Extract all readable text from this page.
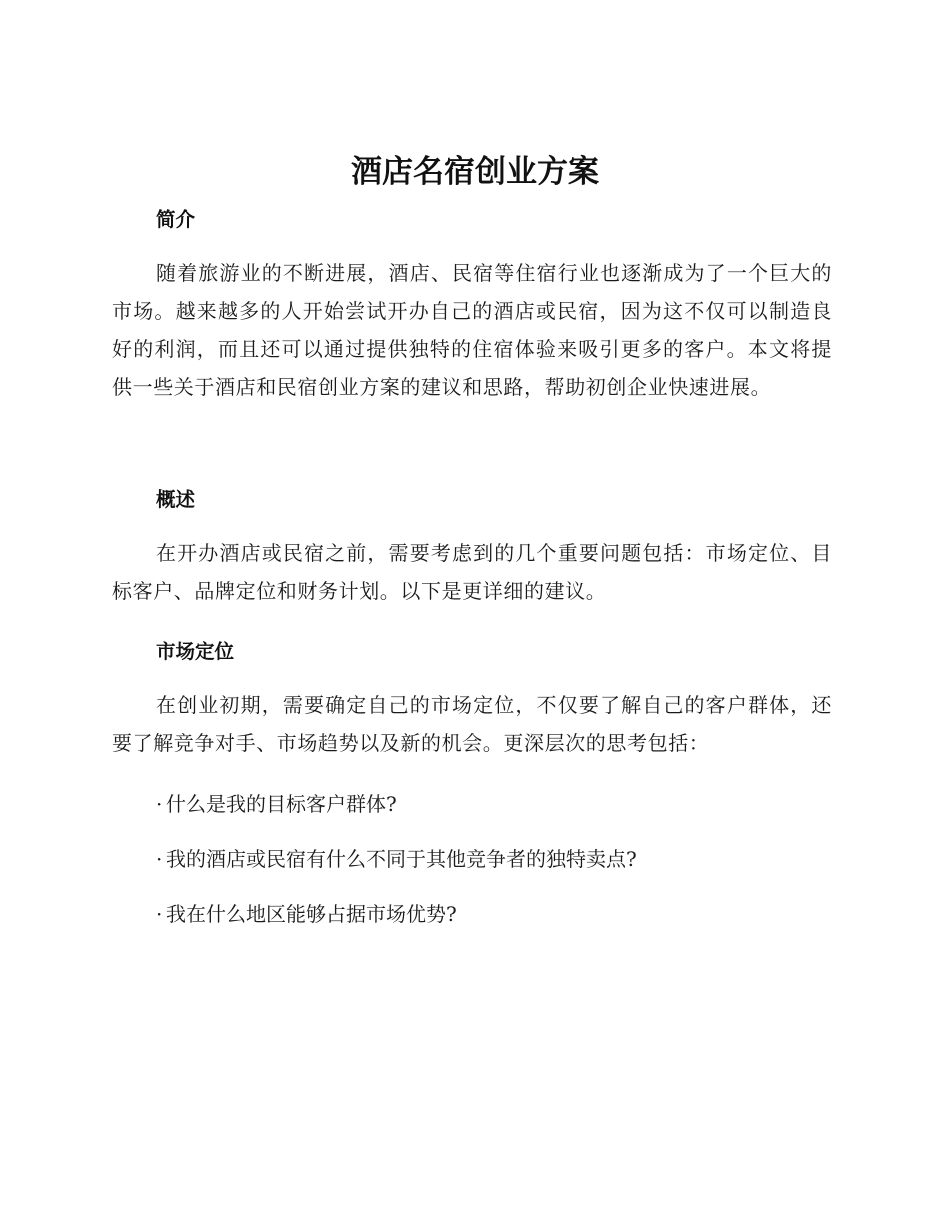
酒店名宿创业方案
简介

随着旅游业的不断进展，酒店、民宿等住宿行业也逐渐成为了一个巨大的市场。越来越多的人开始尝试开办自己的酒店或民宿，因为这不仅可以制造良好的利润，而且还可以通过提供独特的住宿体验来吸引更多的客户。本文将提供一些关于酒店和民宿创业方案的建议和思路，帮助初创企业快速进展。

概述

在开办酒店或民宿之前，需要考虑到的几个重要问题包括：市场定位、目标客户、品牌定位和财务计划。以下是更详细的建议。

市场定位

在创业初期，需要确定自己的市场定位，不仅要了解自己的客户群体，还要了解竞争对手、市场趋势以及新的机会。更深层次的思考包括：

· 什么是我的目标客户群体?

· 我的酒店或民宿有什么不同于其他竞争者的独特卖点?

· 我在什么地区能够占据市场优势?
